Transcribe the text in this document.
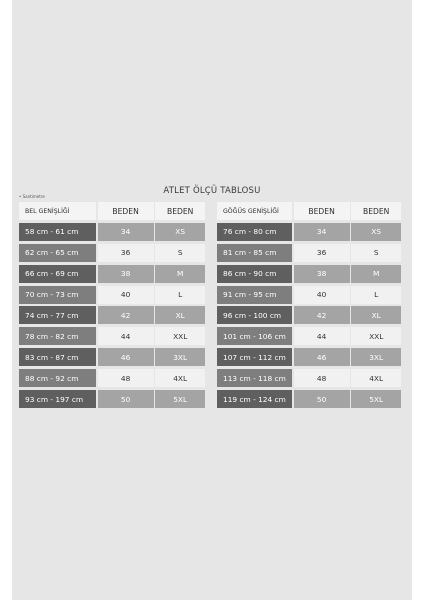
ATLET ÖLÇÜ TABLOSU
• Santimetre
BEL GENİŞLİĞİ	BEDEN	BEDEN
58 cm - 61 cm	34	XS
62 cm - 65 cm	36	S
66 cm - 69 cm	38	M
70 cm - 73 cm	40	L
74 cm - 77 cm	42	XL
78 cm - 82 cm	44	XXL
83 cm - 87 cm	46	3XL
88 cm - 92 cm	48	4XL
93 cm - 197 cm	50	5XL
GÖĞÜS GENİŞLİĞİ	BEDEN	BEDEN
76 cm - 80 cm	34	XS
81 cm - 85 cm	36	S
86 cm - 90 cm	38	M
91 cm - 95 cm	40	L
96 cm - 100 cm	42	XL
101 cm - 106 cm	44	XXL
107 cm - 112 cm	46	3XL
113 cm - 118 cm	48	4XL
119 cm - 124 cm	50	5XL
